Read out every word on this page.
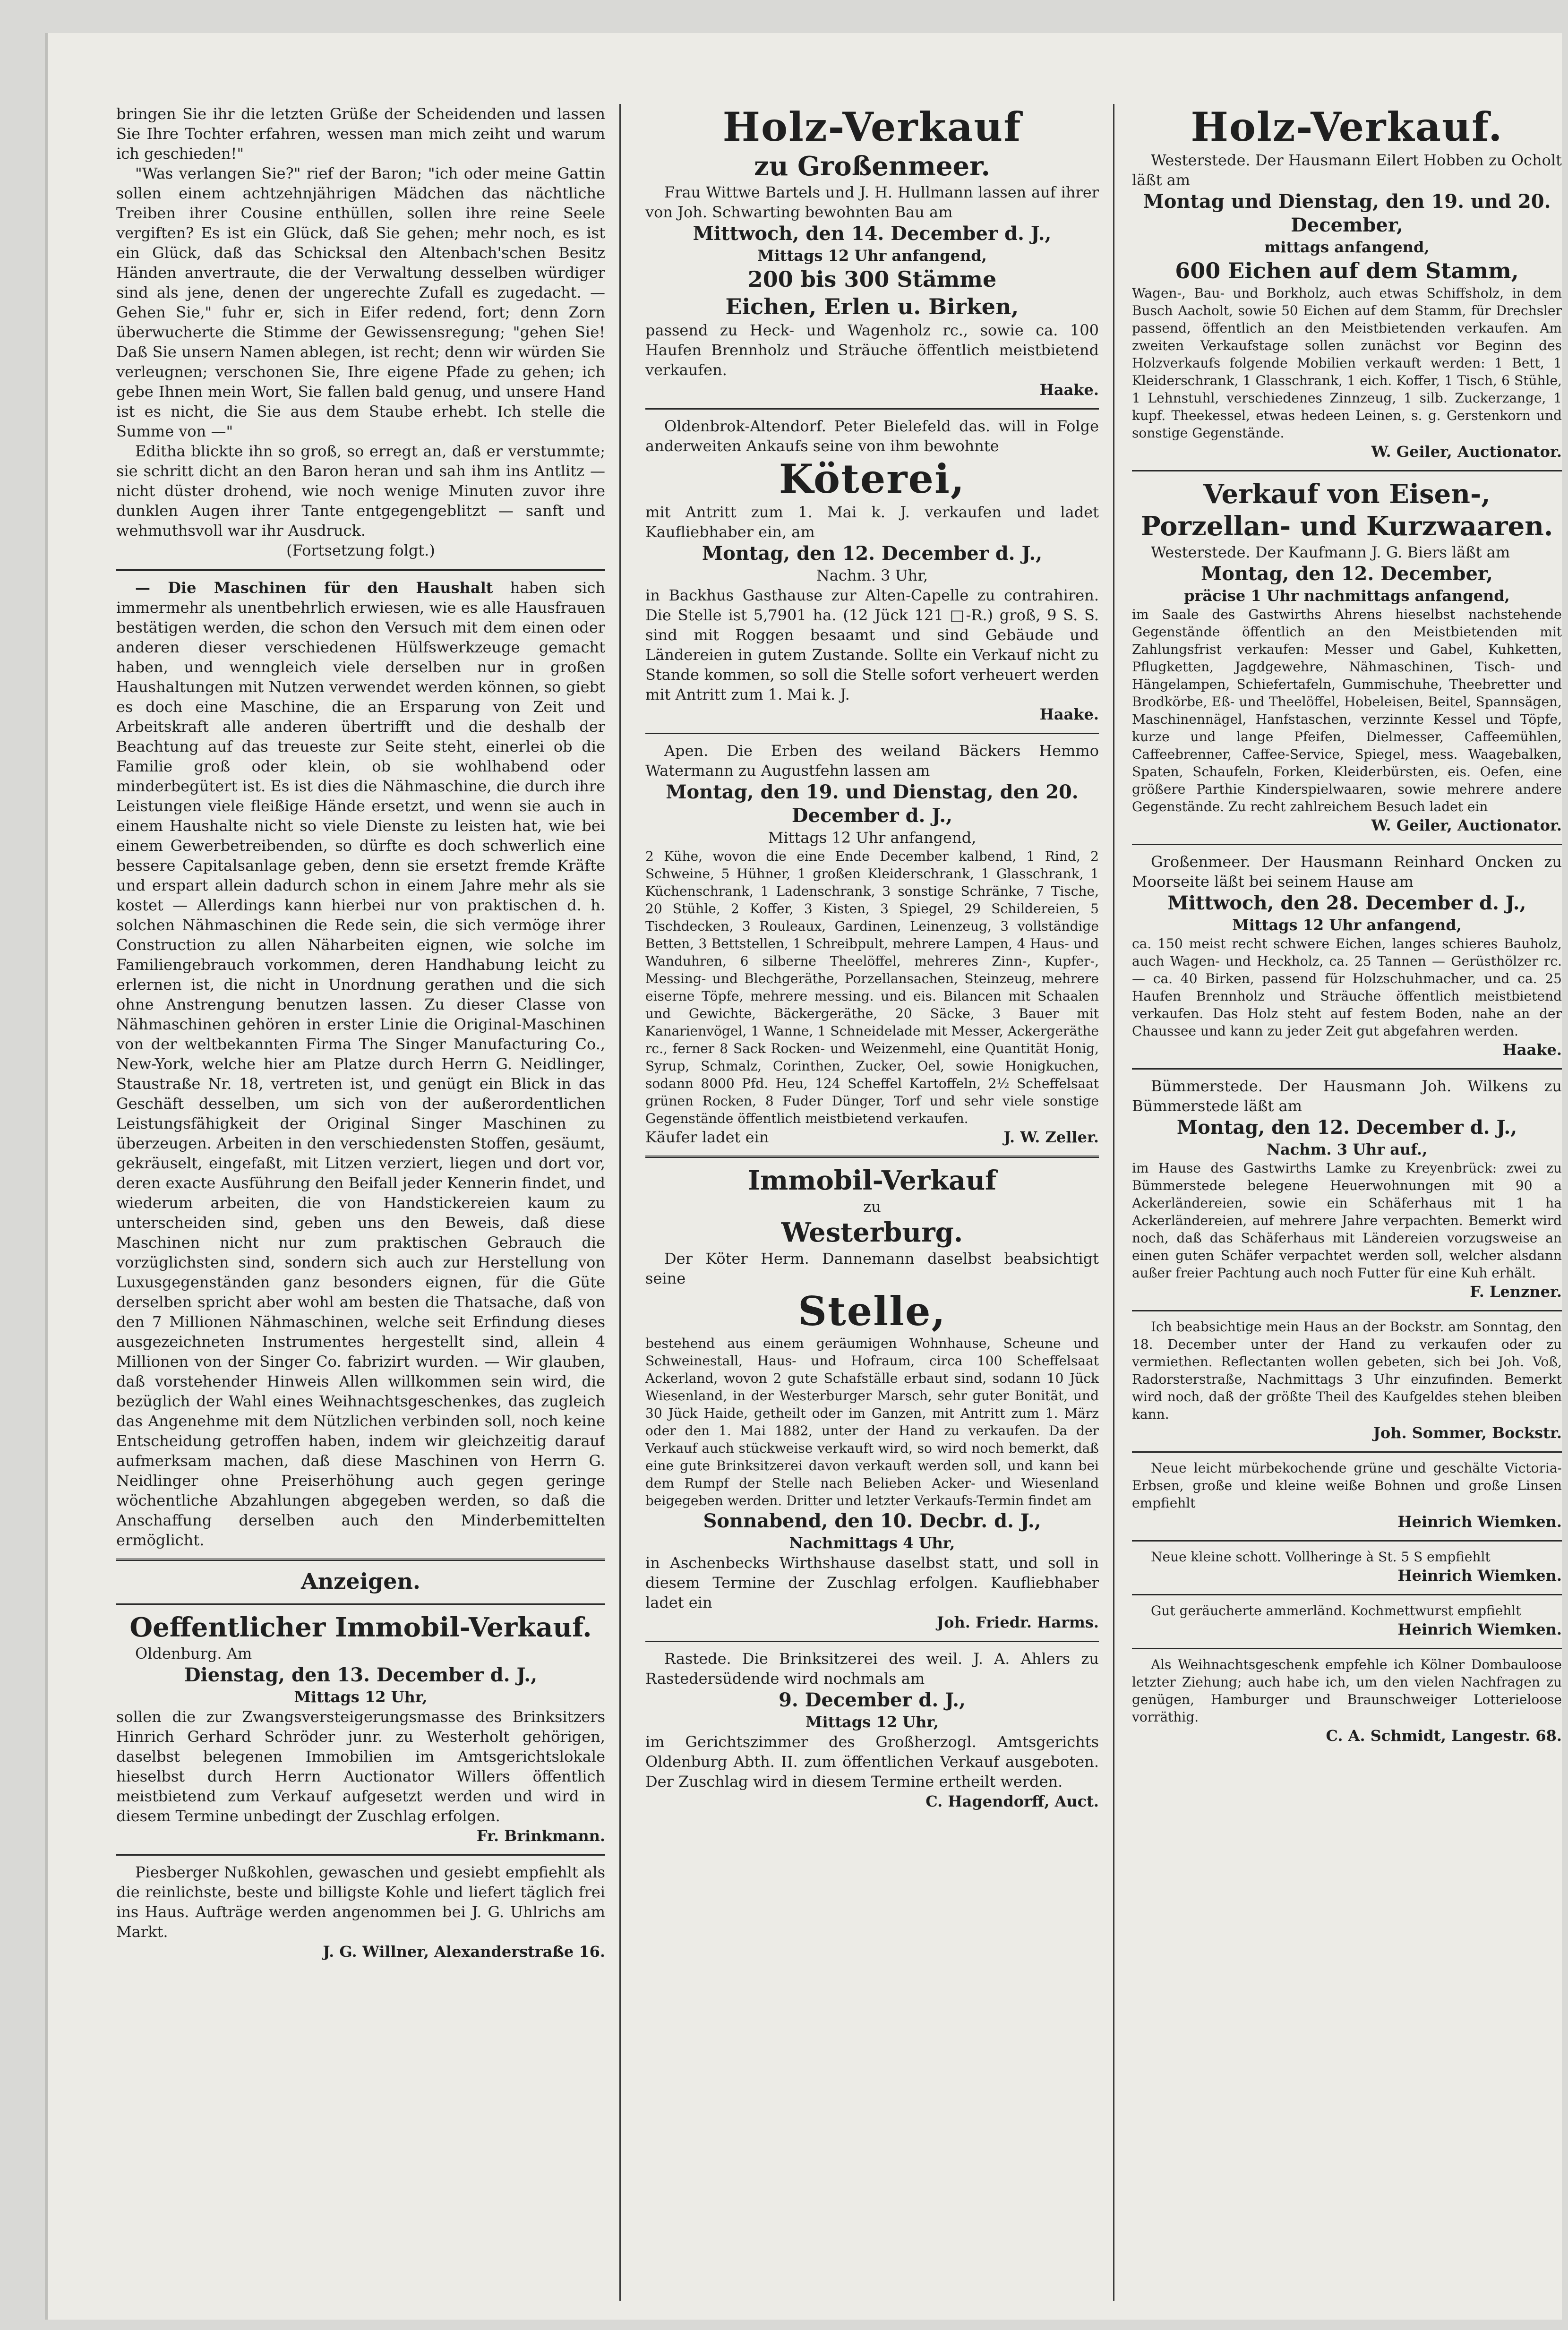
bringen Sie ihr die letzten Grüße der Scheidenden und lassen Sie Ihre Tochter erfahren, wessen man mich zeiht und warum ich geschieden!"

"Was verlangen Sie?" rief der Baron; "ich oder meine Gattin sollen einem achtzehnjährigen Mädchen das nächtliche Treiben ihrer Cousine enthüllen, sollen ihre reine Seele vergiften? Es ist ein Glück, daß Sie gehen; mehr noch, es ist ein Glück, daß das Schicksal den Altenbach'schen Besitz Händen anvertraute, die der Verwaltung desselben würdiger sind als jene, denen der ungerechte Zufall es zugedacht. — Gehen Sie," fuhr er, sich in Eifer redend, fort; denn Zorn überwucherte die Stimme der Gewissensregung; "gehen Sie! Daß Sie unsern Namen ablegen, ist recht; denn wir würden Sie verleugnen; verschonen Sie, Ihre eigene Pfade zu gehen; ich gebe Ihnen mein Wort, Sie fallen bald genug, und unsere Hand ist es nicht, die Sie aus dem Staube erhebt. Ich stelle die Summe von —"

Editha blickte ihn so groß, so erregt an, daß er verstummte; sie schritt dicht an den Baron heran und sah ihm ins Antlitz — nicht düster drohend, wie noch wenige Minuten zuvor ihre dunklen Augen ihrer Tante entgegengeblitzt — sanft und wehmuthsvoll war ihr Ausdruck.

(Fortsetzung folgt.)

— Die Maschinen für den Haushalt haben sich immermehr als unentbehrlich erwiesen, wie es alle Hausfrauen bestätigen werden, die schon den Versuch mit dem einen oder anderen dieser verschiedenen Hülfswerkzeuge gemacht haben, und wenngleich viele derselben nur in großen Haushaltungen mit Nutzen verwendet werden können, so giebt es doch eine Maschine, die an Ersparung von Zeit und Arbeitskraft alle anderen übertrifft und die deshalb der Beachtung auf das treueste zur Seite steht, einerlei ob die Familie groß oder klein, ob sie wohlhabend oder minderbegütert ist. Es ist dies die Nähmaschine, die durch ihre Leistungen viele fleißige Hände ersetzt, und wenn sie auch in einem Haushalte nicht so viele Dienste zu leisten hat, wie bei einem Gewerbetreibenden, so dürfte es doch schwerlich eine bessere Capitalsanlage geben, denn sie ersetzt fremde Kräfte und erspart allein dadurch schon in einem Jahre mehr als sie kostet — Allerdings kann hierbei nur von praktischen d. h. solchen Nähmaschinen die Rede sein, die sich vermöge ihrer Construction zu allen Näharbeiten eignen, wie solche im Familiengebrauch vorkommen, deren Handhabung leicht zu erlernen ist, die nicht in Unordnung gerathen und die sich ohne Anstrengung benutzen lassen. Zu dieser Classe von Nähmaschinen gehören in erster Linie die Original-Maschinen von der weltbekannten Firma The Singer Manufacturing Co., New-York, welche hier am Platze durch Herrn G. Neidlinger, Staustraße Nr. 18, vertreten ist, und genügt ein Blick in das Geschäft desselben, um sich von der außerordentlichen Leistungsfähigkeit der Original Singer Maschinen zu überzeugen. Arbeiten in den verschiedensten Stoffen, gesäumt, gekräuselt, eingefaßt, mit Litzen verziert, liegen und dort vor, deren exacte Ausführung den Beifall jeder Kennerin findet, und wiederum arbeiten, die von Handstickereien kaum zu unterscheiden sind, geben uns den Beweis, daß diese Maschinen nicht nur zum praktischen Gebrauch die vorzüglichsten sind, sondern sich auch zur Herstellung von Luxusgegenständen ganz besonders eignen, für die Güte derselben spricht aber wohl am besten die Thatsache, daß von den 7 Millionen Nähmaschinen, welche seit Erfindung dieses ausgezeichneten Instrumentes hergestellt sind, allein 4 Millionen von der Singer Co. fabrizirt wurden. — Wir glauben, daß vorstehender Hinweis Allen willkommen sein wird, die bezüglich der Wahl eines Weihnachtsgeschenkes, das zugleich das Angenehme mit dem Nützlichen verbinden soll, noch keine Entscheidung getroffen haben, indem wir gleichzeitig darauf aufmerksam machen, daß diese Maschinen von Herrn G. Neidlinger ohne Preiserhöhung auch gegen geringe wöchentliche Abzahlungen abgegeben werden, so daß die Anschaffung derselben auch den Minderbemittelten ermöglicht.

Anzeigen.

Oeffentlicher Immobil-Verkauf.

Oldenburg. Am

Dienstag, den 13. December d. J.,

Mittags 12 Uhr,

sollen die zur Zwangsversteigerungsmasse des Brinksitzers Hinrich Gerhard Schröder junr. zu Westerholt gehörigen, daselbst belegenen Immobilien im Amtsgerichtslokale hieselbst durch Herrn Auctionator Willers öffentlich meistbietend zum Verkauf aufgesetzt werden und wird in diesem Termine unbedingt der Zuschlag erfolgen.

Fr. Brinkmann.

Piesberger Nußkohlen, gewaschen und gesiebt empfiehlt als die reinlichste, beste und billigste Kohle und liefert täglich frei ins Haus. Aufträge werden angenommen bei J. G. Uhlrichs am Markt.

J. G. Willner, Alexanderstraße 16.

Holz-Verkauf

zu Großenmeer.

Frau Wittwe Bartels und J. H. Hullmann lassen auf ihrer von Joh. Schwarting bewohnten Bau am

Mittwoch, den 14. December d. J.,

Mittags 12 Uhr anfangend,

200 bis 300 Stämme

Eichen, Erlen u. Birken,

passend zu Heck- und Wagenholz rc., sowie ca. 100 Haufen Brennholz und Sträuche öffentlich meistbietend verkaufen.

Haake.

Oldenbrok-Altendorf. Peter Bielefeld das. will in Folge anderweiten Ankaufs seine von ihm bewohnte

Köterei,

mit Antritt zum 1. Mai k. J. verkaufen und ladet Kaufliebhaber ein, am

Montag, den 12. December d. J.,

Nachm. 3 Uhr,

in Backhus Gasthause zur Alten-Capelle zu contrahiren. Die Stelle ist 5,7901 ha. (12 Jück 121 □-R.) groß, 9 S. S. sind mit Roggen besaamt und sind Gebäude und Ländereien in gutem Zustande. Sollte ein Verkauf nicht zu Stande kommen, so soll die Stelle sofort verheuert werden mit Antritt zum 1. Mai k. J.

Haake.

Apen. Die Erben des weiland Bäckers Hemmo Watermann zu Augustfehn lassen am

Montag, den 19. und Dienstag, den 20. December d. J.,

Mittags 12 Uhr anfangend,

2 Kühe, wovon die eine Ende December kalbend, 1 Rind, 2 Schweine, 5 Hühner, 1 großen Kleiderschrank, 1 Glasschrank, 1 Küchenschrank, 1 Ladenschrank, 3 sonstige Schränke, 7 Tische, 20 Stühle, 2 Koffer, 3 Kisten, 3 Spiegel, 29 Schildereien, 5 Tischdecken, 3 Rouleaux, Gardinen, Leinenzeug, 3 vollständige Betten, 3 Bettstellen, 1 Schreibpult, mehrere Lampen, 4 Haus- und Wanduhren, 6 silberne Theelöffel, mehreres Zinn-, Kupfer-, Messing- und Blechgeräthe, Porzellansachen, Steinzeug, mehrere eiserne Töpfe, mehrere messing. und eis. Bilancen mit Schaalen und Gewichte, Bäckergeräthe, 20 Säcke, 3 Bauer mit Kanarienvögel, 1 Wanne, 1 Schneidelade mit Messer, Ackergeräthe rc., ferner 8 Sack Rocken- und Weizenmehl, eine Quantität Honig, Syrup, Schmalz, Corinthen, Zucker, Oel, sowie Honigkuchen, sodann 8000 Pfd. Heu, 124 Scheffel Kartoffeln, 2½ Scheffelsaat grünen Rocken, 8 Fuder Dünger, Torf und sehr viele sonstige Gegenstände öffentlich meistbietend verkaufen.

Käufer ladet ein	J. W. Zeller.

Immobil-Verkauf

zu

Westerburg.

Der Köter Herm. Dannemann daselbst beabsichtigt seine

Stelle,

bestehend aus einem geräumigen Wohnhause, Scheune und Schweinestall, Haus- und Hofraum, circa 100 Scheffelsaat Ackerland, wovon 2 gute Schafställe erbaut sind, sodann 10 Jück Wiesenland, in der Westerburger Marsch, sehr guter Bonität, und 30 Jück Haide, getheilt oder im Ganzen, mit Antritt zum 1. März oder den 1. Mai 1882, unter der Hand zu verkaufen. Da der Verkauf auch stückweise verkauft wird, so wird noch bemerkt, daß eine gute Brinksitzerei davon verkauft werden soll, und kann bei dem Rumpf der Stelle nach Belieben Acker- und Wiesenland beigegeben werden. Dritter und letzter Verkaufs-Termin findet am

Sonnabend, den 10. Decbr. d. J.,

Nachmittags 4 Uhr,

in Aschenbecks Wirthshause daselbst statt, und soll in diesem Termine der Zuschlag erfolgen. Kaufliebhaber ladet ein

Joh. Friedr. Harms.

Rastede. Die Brinksitzerei des weil. J. A. Ahlers zu Rastedersüdende wird nochmals am

9. December d. J.,

Mittags 12 Uhr,

im Gerichtszimmer des Großherzogl. Amtsgerichts Oldenburg Abth. II. zum öffentlichen Verkauf ausgeboten. Der Zuschlag wird in diesem Termine ertheilt werden.

C. Hagendorff, Auct.

Holz-Verkauf.

Westerstede. Der Hausmann Eilert Hobben zu Ocholt läßt am

Montag und Dienstag, den 19. und 20. December,

mittags anfangend,

600 Eichen auf dem Stamm,

Wagen-, Bau- und Borkholz, auch etwas Schiffsholz, in dem Busch Aacholt, sowie 50 Eichen auf dem Stamm, für Drechsler passend, öffentlich an den Meistbietenden verkaufen. Am zweiten Verkaufstage sollen zunächst vor Beginn des Holzverkaufs folgende Mobilien verkauft werden: 1 Bett, 1 Kleiderschrank, 1 Glasschrank, 1 eich. Koffer, 1 Tisch, 6 Stühle, 1 Lehnstuhl, verschiedenes Zinnzeug, 1 silb. Zuckerzange, 1 kupf. Theekessel, etwas hedeen Leinen, s. g. Gerstenkorn und sonstige Gegenstände.

W. Geiler, Auctionator.

Verkauf von Eisen-, Porzellan- und Kurzwaaren.

Westerstede. Der Kaufmann J. G. Biers läßt am

Montag, den 12. December,

präcise 1 Uhr nachmittags anfangend,

im Saale des Gastwirths Ahrens hieselbst nachstehende Gegenstände öffentlich an den Meistbietenden mit Zahlungsfrist verkaufen: Messer und Gabel, Kuhketten, Pflugketten, Jagdgewehre, Nähmaschinen, Tisch- und Hängelampen, Schiefertafeln, Gummischuhe, Theebretter und Brodkörbe, Eß- und Theelöffel, Hobeleisen, Beitel, Spannsägen, Maschinennägel, Hanfstaschen, verzinnte Kessel und Töpfe, kurze und lange Pfeifen, Dielmesser, Caffeemühlen, Caffeebrenner, Caffee-Service, Spiegel, mess. Waagebalken, Spaten, Schaufeln, Forken, Kleiderbürsten, eis. Oefen, eine größere Parthie Kinderspielwaaren, sowie mehrere andere Gegenstände. Zu recht zahlreichem Besuch ladet ein

W. Geiler, Auctionator.

Großenmeer. Der Hausmann Reinhard Oncken zu Moorseite läßt bei seinem Hause am

Mittwoch, den 28. December d. J.,

Mittags 12 Uhr anfangend,

ca. 150 meist recht schwere Eichen, langes schieres Bauholz, auch Wagen- und Heckholz, ca. 25 Tannen — Gerüsthölzer rc. — ca. 40 Birken, passend für Holzschuhmacher, und ca. 25 Haufen Brennholz und Sträuche öffentlich meistbietend verkaufen. Das Holz steht auf festem Boden, nahe an der Chaussee und kann zu jeder Zeit gut abgefahren werden.

Haake.

Bümmerstede. Der Hausmann Joh. Wilkens zu Bümmerstede läßt am

Montag, den 12. December d. J.,

Nachm. 3 Uhr auf.,

im Hause des Gastwirths Lamke zu Kreyenbrück: zwei zu Bümmerstede belegene Heuerwohnungen mit 90 a Ackerländereien, sowie ein Schäferhaus mit 1 ha Ackerländereien, auf mehrere Jahre verpachten. Bemerkt wird noch, daß das Schäferhaus mit Ländereien vorzugsweise an einen guten Schäfer verpachtet werden soll, welcher alsdann außer freier Pachtung auch noch Futter für eine Kuh erhält.

F. Lenzner.

Ich beabsichtige mein Haus an der Bockstr. am Sonntag, den 18. December unter der Hand zu verkaufen oder zu vermiethen. Reflectanten wollen gebeten, sich bei Joh. Voß, Radorsterstraße, Nachmittags 3 Uhr einzufinden. Bemerkt wird noch, daß der größte Theil des Kaufgeldes stehen bleiben kann.

Joh. Sommer, Bockstr.

Neue leicht mürbekochende grüne und geschälte Victoria-Erbsen, große und kleine weiße Bohnen und große Linsen empfiehlt

Heinrich Wiemken.

Neue kleine schott. Vollheringe à St. 5 S empfiehlt

Heinrich Wiemken.

Gut geräucherte ammerländ. Kochmettwurst empfiehlt

Heinrich Wiemken.

Als Weihnachtsgeschenk empfehle ich Kölner Dombauloose letzter Ziehung; auch habe ich, um den vielen Nachfragen zu genügen, Hamburger und Braunschweiger Lotterieloose vorräthig.

C. A. Schmidt, Langestr. 68.
